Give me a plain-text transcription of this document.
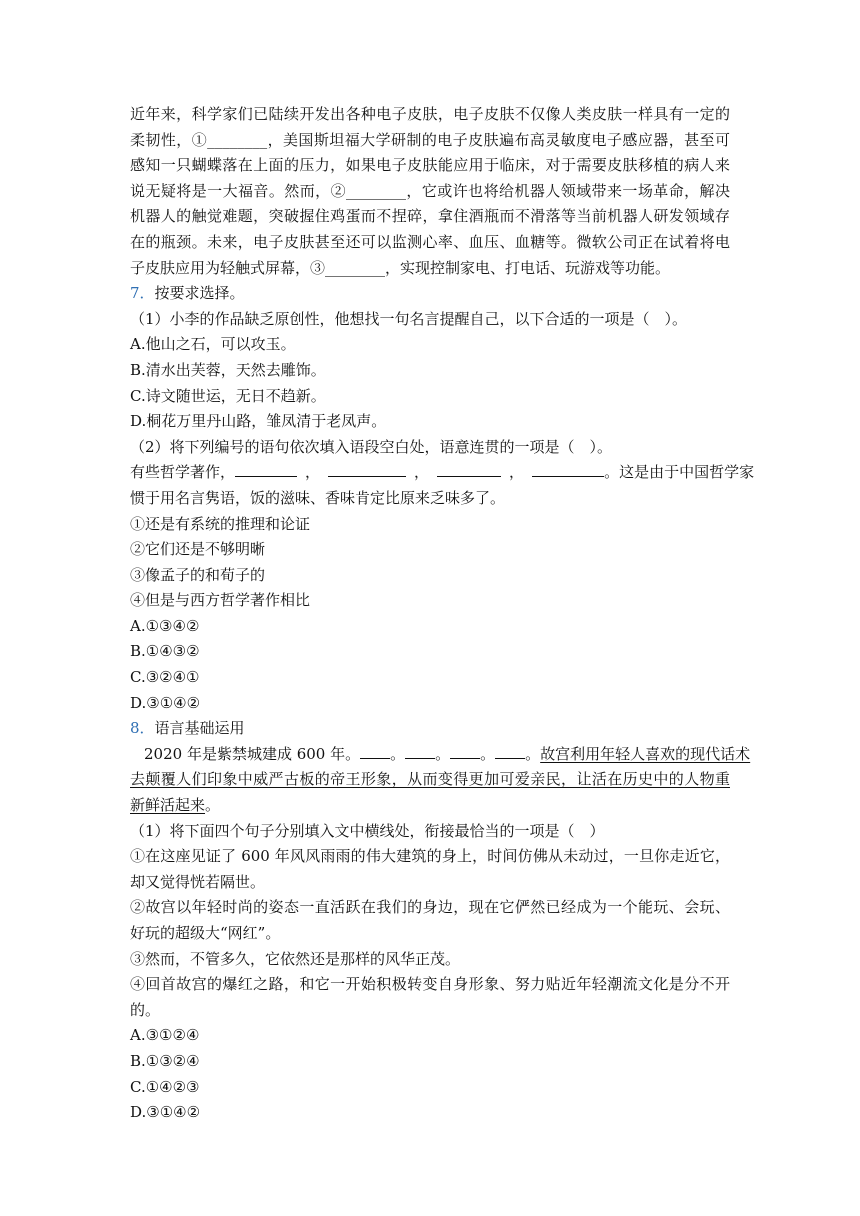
近年来，科学家们已陆续开发出各种电子皮肤，电子皮肤不仅像人类皮肤一样具有一定的
柔韧性，①________，美国斯坦福大学研制的电子皮肤遍布高灵敏度电子感应器，甚至可
感知一只蝴蝶落在上面的压力，如果电子皮肤能应用于临床，对于需要皮肤移植的病人来
说无疑将是一大福音。然而，②________，它或许也将给机器人领域带来一场革命，解决
机器人的触觉难题，突破握住鸡蛋而不捏碎，拿住酒瓶而不滑落等当前机器人研发领域存
在的瓶颈。未来，电子皮肤甚至还可以监测心率、血压、血糖等。微软公司正在试着将电
子皮肤应用为轻触式屏幕，③________，实现控制家电、打电话、玩游戏等功能。
7．按要求选择。
（1）小李的作品缺乏原创性，他想找一句名言提醒自己，以下合适的一项是（　）。
A.他山之石，可以攻玉。
B.清水出芙蓉，天然去雕饰。
C.诗文随世运，无日不趋新。
D.桐花万里丹山路，雏凤清于老凤声。
（2）将下列编号的语句依次填入语段空白处，语意连贯的一项是（　）。
有些哲学著作，	，	，	，	。这是由于中国哲学家
惯于用名言隽语，饭的滋味、香味肯定比原来乏味多了。
①还是有系统的推理和论证
②它们还是不够明晰
③像孟子的和荀子的
④但是与西方哲学著作相比
A.①③④②
B.①④③②
C.③②④①
D.③①④②
8．语言基础运用
2020 年是紫禁城建成 600 年。 。 。 。 。故宫利用年轻人喜欢的现代话术
去颠覆人们印象中威严古板的帝王形象，从而变得更加可爱亲民，让活在历史中的人物重
新鲜活起来。
（1）将下面四个句子分别填入文中横线处，衔接最恰当的一项是（　）
①在这座见证了 600 年风风雨雨的伟大建筑的身上，时间仿佛从未动过，一旦你走近它，
却又觉得恍若隔世。
②故宫以年轻时尚的姿态一直活跃在我们的身边，现在它俨然已经成为一个能玩、会玩、
好玩的超级大“网红”。
③然而，不管多久，它依然还是那样的风华正茂。
④回首故宫的爆红之路，和它一开始积极转变自身形象、努力贴近年轻潮流文化是分不开
的。
A.③①②④
B.①③②④
C.①④②③
D.③①④②
